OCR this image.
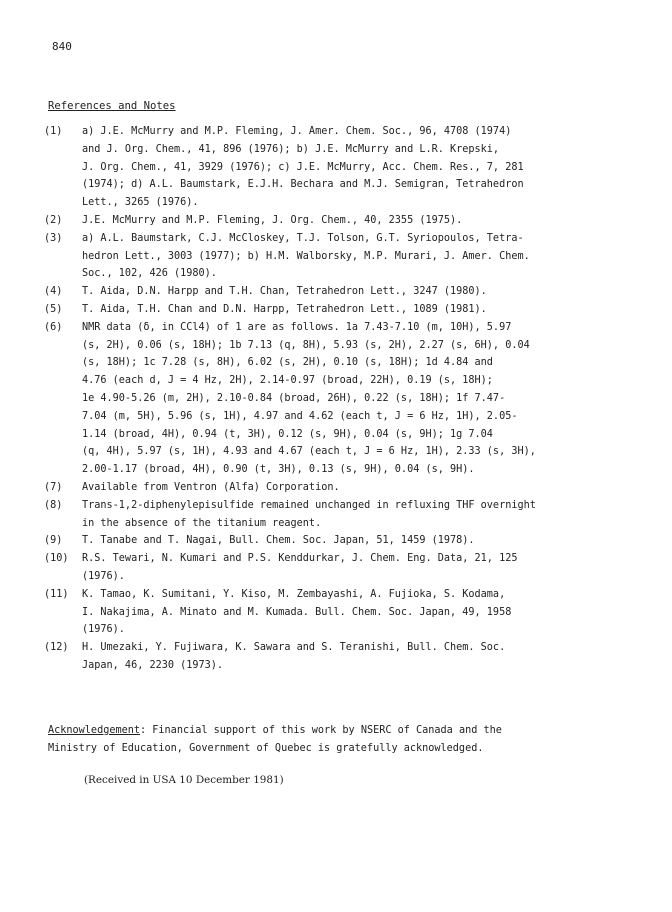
840
References and Notes
(1)	a) J.E. McMurry and M.P. Fleming, J. Amer. Chem. Soc., 96, 4708 (1974)
and J. Org. Chem., 41, 896 (1976); b) J.E. McMurry and L.R. Krepski,
J. Org. Chem., 41, 3929 (1976); c) J.E. McMurry, Acc. Chem. Res., 7, 281
(1974); d) A.L. Baumstark, E.J.H. Bechara and M.J. Semigran, Tetrahedron
Lett., 3265 (1976).
(2)	J.E. McMurry and M.P. Fleming, J. Org. Chem., 40, 2355 (1975).
(3)	a) A.L. Baumstark, C.J. McCloskey, T.J. Tolson, G.T. Syriopoulos, Tetra-
hedron Lett., 3003 (1977); b) H.M. Walborsky, M.P. Murari, J. Amer. Chem.
Soc., 102, 426 (1980).
(4)	T. Aida, D.N. Harpp and T.H. Chan, Tetrahedron Lett., 3247 (1980).
(5)	T. Aida, T.H. Chan and D.N. Harpp, Tetrahedron Lett., 1089 (1981).
(6)	NMR data (δ, in CCl4) of 1 are as follows. 1a 7.43-7.10 (m, 10H), 5.97
(s, 2H), 0.06 (s, 18H); 1b 7.13 (q, 8H), 5.93 (s, 2H), 2.27 (s, 6H), 0.04
(s, 18H); 1c 7.28 (s, 8H), 6.02 (s, 2H), 0.10 (s, 18H); 1d 4.84 and
4.76 (each d, J = 4 Hz, 2H), 2.14-0.97 (broad, 22H), 0.19 (s, 18H);
1e 4.90-5.26 (m, 2H), 2.10-0.84 (broad, 26H), 0.22 (s, 18H); 1f 7.47-
7.04 (m, 5H), 5.96 (s, 1H), 4.97 and 4.62 (each t, J = 6 Hz, 1H), 2.05-
1.14 (broad, 4H), 0.94 (t, 3H), 0.12 (s, 9H), 0.04 (s, 9H); 1g 7.04
(q, 4H), 5.97 (s, 1H), 4.93 and 4.67 (each t, J = 6 Hz, 1H), 2.33 (s, 3H),
2.00-1.17 (broad, 4H), 0.90 (t, 3H), 0.13 (s, 9H), 0.04 (s, 9H).
(7)	Available from Ventron (Alfa) Corporation.
(8)	Trans-1,2-diphenylepisulfide remained unchanged in refluxing THF overnight
in the absence of the titanium reagent.
(9)	T. Tanabe and T. Nagai, Bull. Chem. Soc. Japan, 51, 1459 (1978).
(10)	R.S. Tewari, N. Kumari and P.S. Kenddurkar, J. Chem. Eng. Data, 21, 125
(1976).
(11)	K. Tamao, K. Sumitani, Y. Kiso, M. Zembayashi, A. Fujioka, S. Kodama,
I. Nakajima, A. Minato and M. Kumada. Bull. Chem. Soc. Japan, 49, 1958
(1976).
(12)	H. Umezaki, Y. Fujiwara, K. Sawara and S. Teranishi, Bull. Chem. Soc.
Japan, 46, 2230 (1973).
Acknowledgement: Financial support of this work by NSERC of Canada and the
Ministry of Education, Government of Quebec is gratefully acknowledged.
(Received in USA 10 December 1981)
